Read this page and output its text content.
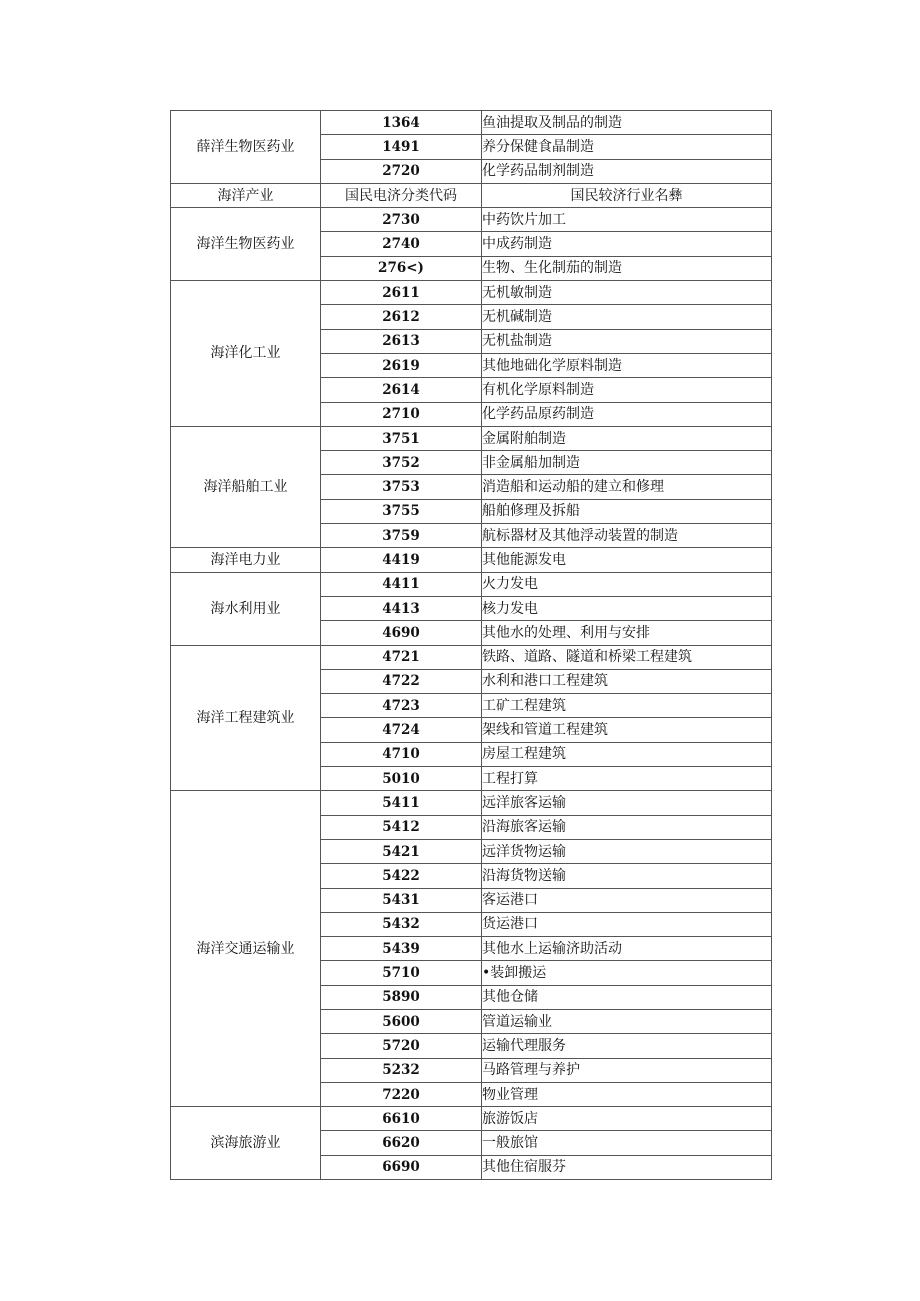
薛洋生物医药业	1364	鱼油提取及制品的制造
	1491	养分保健食晶制造
	2720	化学药品制剂制造
海洋产业	国民电济分类代码	国民较济行业名彝
海洋生物医药业	2730	中药饮片加工
	2740	中成药制造
	276<)	生物、生化制茄的制造
海洋化工业	2611	无机敏制造
	2612	无机碱制造
	2613	无机盐制造
	2619	其他地础化学原料制造
	2614	有机化学原料制造
	2710	化学药品原药制造
海洋船舶工业	3751	金属附舶制造
	3752	非金属船加制造
	3753	消造船和运动船的建立和修理
	3755	船舶修理及拆船
	3759	航标器材及其他浮动装置的制造
海洋电力业	4419	其他能源发电
海水利用业	4411	火力发电
	4413	核力发电
	4690	其他水的处理、利用与安排
海洋工程建筑业	4721	铁路、道路、隧道和桥梁工程建筑
	4722	水利和港口工程建筑
	4723	工矿工程建筑
	4724	架线和管道工程建筑
	4710	房屋工程建筑
	5010	工程打算
海洋交通运输业	5411	远洋旅客运输
	5412	沿海旅客运输
	5421	远洋货物运输
	5422	沿海货物送输
	5431	客运港口
	5432	货运港口
	5439	其他水上运输济助活动
	5710	•装卸搬运
	5890	其他仓储
	5600	管道运输业
	5720	运输代理服务
	5232	马路管理与养护
	7220	物业管理
滨海旅游业	6610	旅游饭店
	6620	一般旅馆
	6690	其他住宿服芬
